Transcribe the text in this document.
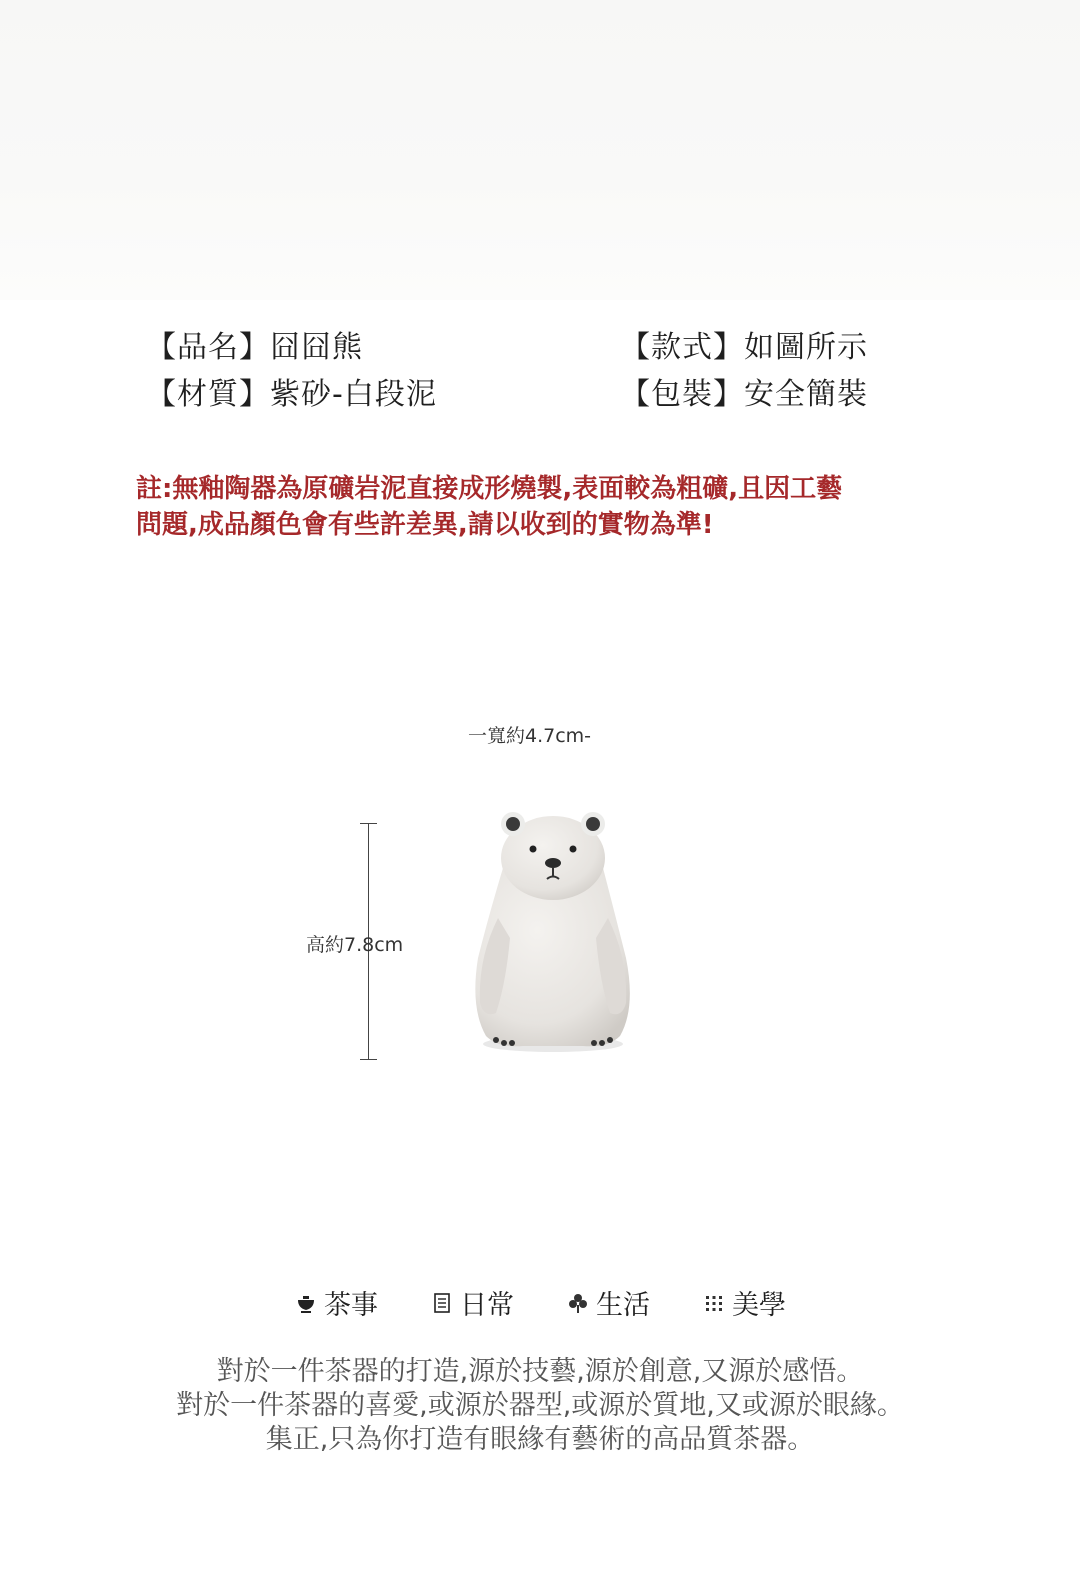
【品名】囧囧熊	【款式】如圖所示
【材質】紫砂-白段泥	【包裝】安全簡裝
註:無釉陶器為原礦岩泥直接成形燒製,表面較為粗礦,且因工藝
問題,成品顏色會有些許差異,請以收到的實物為準!
一寬約4.7cm-
高約7.8cm
茶事	日常	生活	美學
對於一件茶器的打造,源於技藝,源於創意,又源於感悟。
對於一件茶器的喜愛,或源於器型,或源於質地,又或源於眼緣。
集正,只為你打造有眼緣有藝術的高品質茶器。
